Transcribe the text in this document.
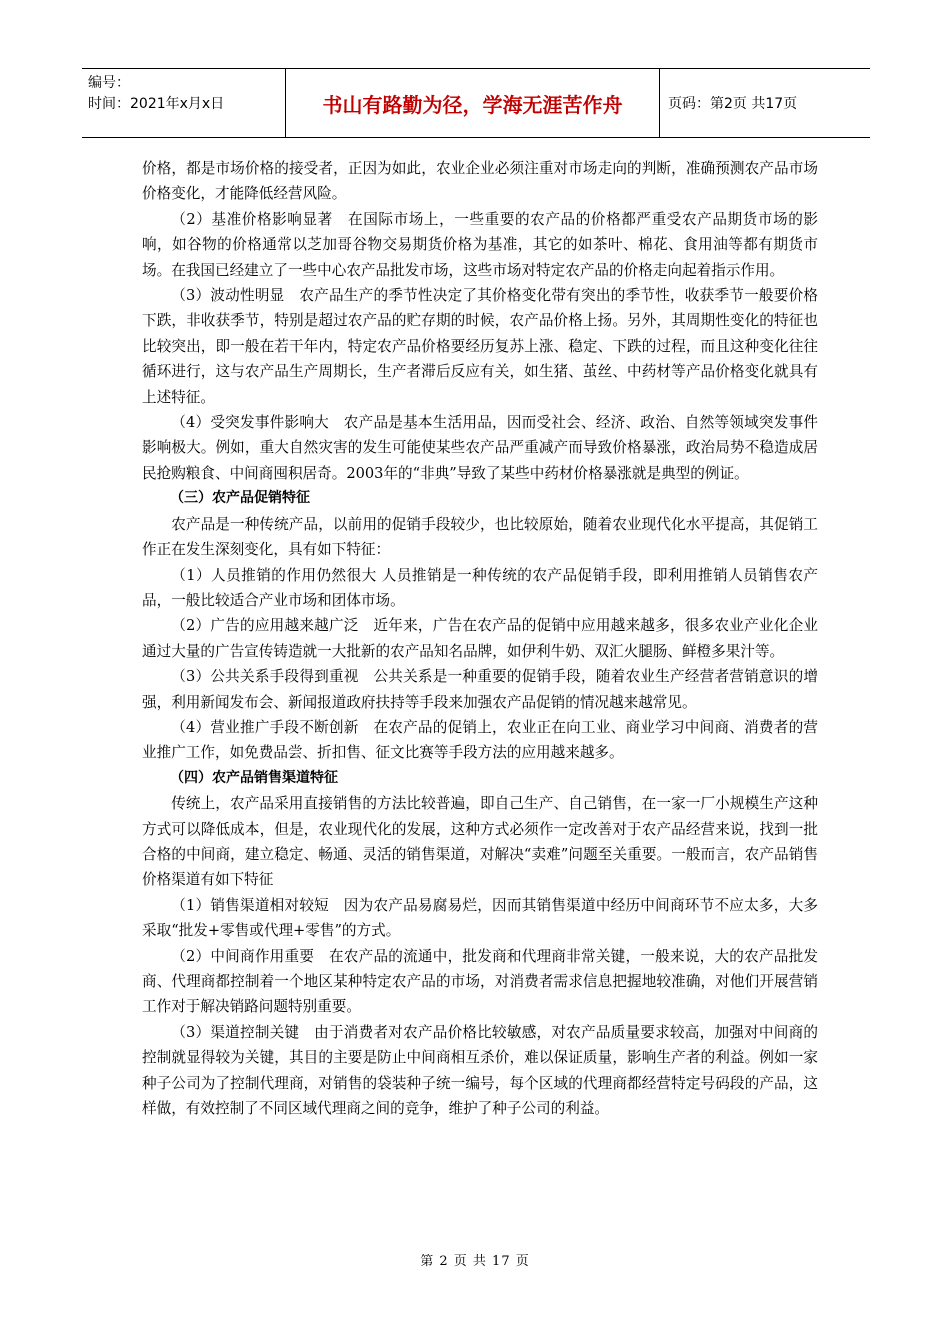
编号：
时间：2021年x月x日	书山有路勤为径，学海无涯苦作舟	页码：第2页 共17页

价格，都是市场价格的接受者，正因为如此，农业企业必须注重对市场走向的判断，准确预测农产品市场价格变化，才能降低经营风险。

（2）基准价格影响显著　在国际市场上，一些重要的农产品的价格都严重受农产品期货市场的影响，如谷物的价格通常以芝加哥谷物交易期货价格为基准，其它的如茶叶、棉花、食用油等都有期货市场。在我国已经建立了一些中心农产品批发市场，这些市场对特定农产品的价格走向起着指示作用。

（3）波动性明显　农产品生产的季节性决定了其价格变化带有突出的季节性，收获季节一般要价格下跌，非收获季节，特别是超过农产品的贮存期的时候，农产品价格上扬。另外，其周期性变化的特征也比较突出，即一般在若干年内，特定农产品价格要经历复苏上涨、稳定、下跌的过程，而且这种变化往往循环进行，这与农产品生产周期长，生产者滞后反应有关，如生猪、茧丝、中药材等产品价格变化就具有上述特征。

（4）受突发事件影响大　农产品是基本生活用品，因而受社会、经济、政治、自然等领域突发事件影响极大。例如，重大自然灾害的发生可能使某些农产品严重减产而导致价格暴涨，政治局势不稳造成居民抢购粮食、中间商囤积居奇。2003年的“非典”导致了某些中药材价格暴涨就是典型的例证。

（三）农产品促销特征

农产品是一种传统产品，以前用的促销手段较少，也比较原始，随着农业现代化水平提高，其促销工作正在发生深刻变化，具有如下特征：

（1）人员推销的作用仍然很大 人员推销是一种传统的农产品促销手段，即利用推销人员销售农产品，一般比较适合产业市场和团体市场。

（2）广告的应用越来越广泛　近年来，广告在农产品的促销中应用越来越多，很多农业产业化企业通过大量的广告宣传铸造就一大批新的农产品知名品牌，如伊利牛奶、双汇火腿肠、鲜橙多果汁等。

（3）公共关系手段得到重视　公共关系是一种重要的促销手段，随着农业生产经营者营销意识的增强，利用新闻发布会、新闻报道政府扶持等手段来加强农产品促销的情况越来越常见。

（4）营业推广手段不断创新　在农产品的促销上，农业正在向工业、商业学习中间商、消费者的营业推广工作，如免费品尝、折扣售、征文比赛等手段方法的应用越来越多。

（四）农产品销售渠道特征

传统上，农产品采用直接销售的方法比较普遍，即自己生产、自己销售，在一家一厂小规模生产这种方式可以降低成本，但是，农业现代化的发展，这种方式必须作一定改善对于农产品经营来说，找到一批合格的中间商，建立稳定、畅通、灵活的销售渠道，对解决“卖难”问题至关重要。一般而言，农产品销售价格渠道有如下特征

（1）销售渠道相对较短　因为农产品易腐易烂，因而其销售渠道中经历中间商环节不应太多，大多采取“批发+零售或代理+零售”的方式。

（2）中间商作用重要　在农产品的流通中，批发商和代理商非常关键，一般来说，大的农产品批发商、代理商都控制着一个地区某种特定农产品的市场，对消费者需求信息把握地较准确，对他们开展营销工作对于解决销路问题特别重要。

（3）渠道控制关键　由于消费者对农产品价格比较敏感，对农产品质量要求较高，加强对中间商的控制就显得较为关键，其目的主要是防止中间商相互杀价，难以保证质量，影响生产者的利益。例如一家种子公司为了控制代理商，对销售的袋装种子统一编号，每个区域的代理商都经营特定号码段的产品，这样做，有效控制了不同区域代理商之间的竞争，维护了种子公司的利益。

第 2 页 共 17 页
